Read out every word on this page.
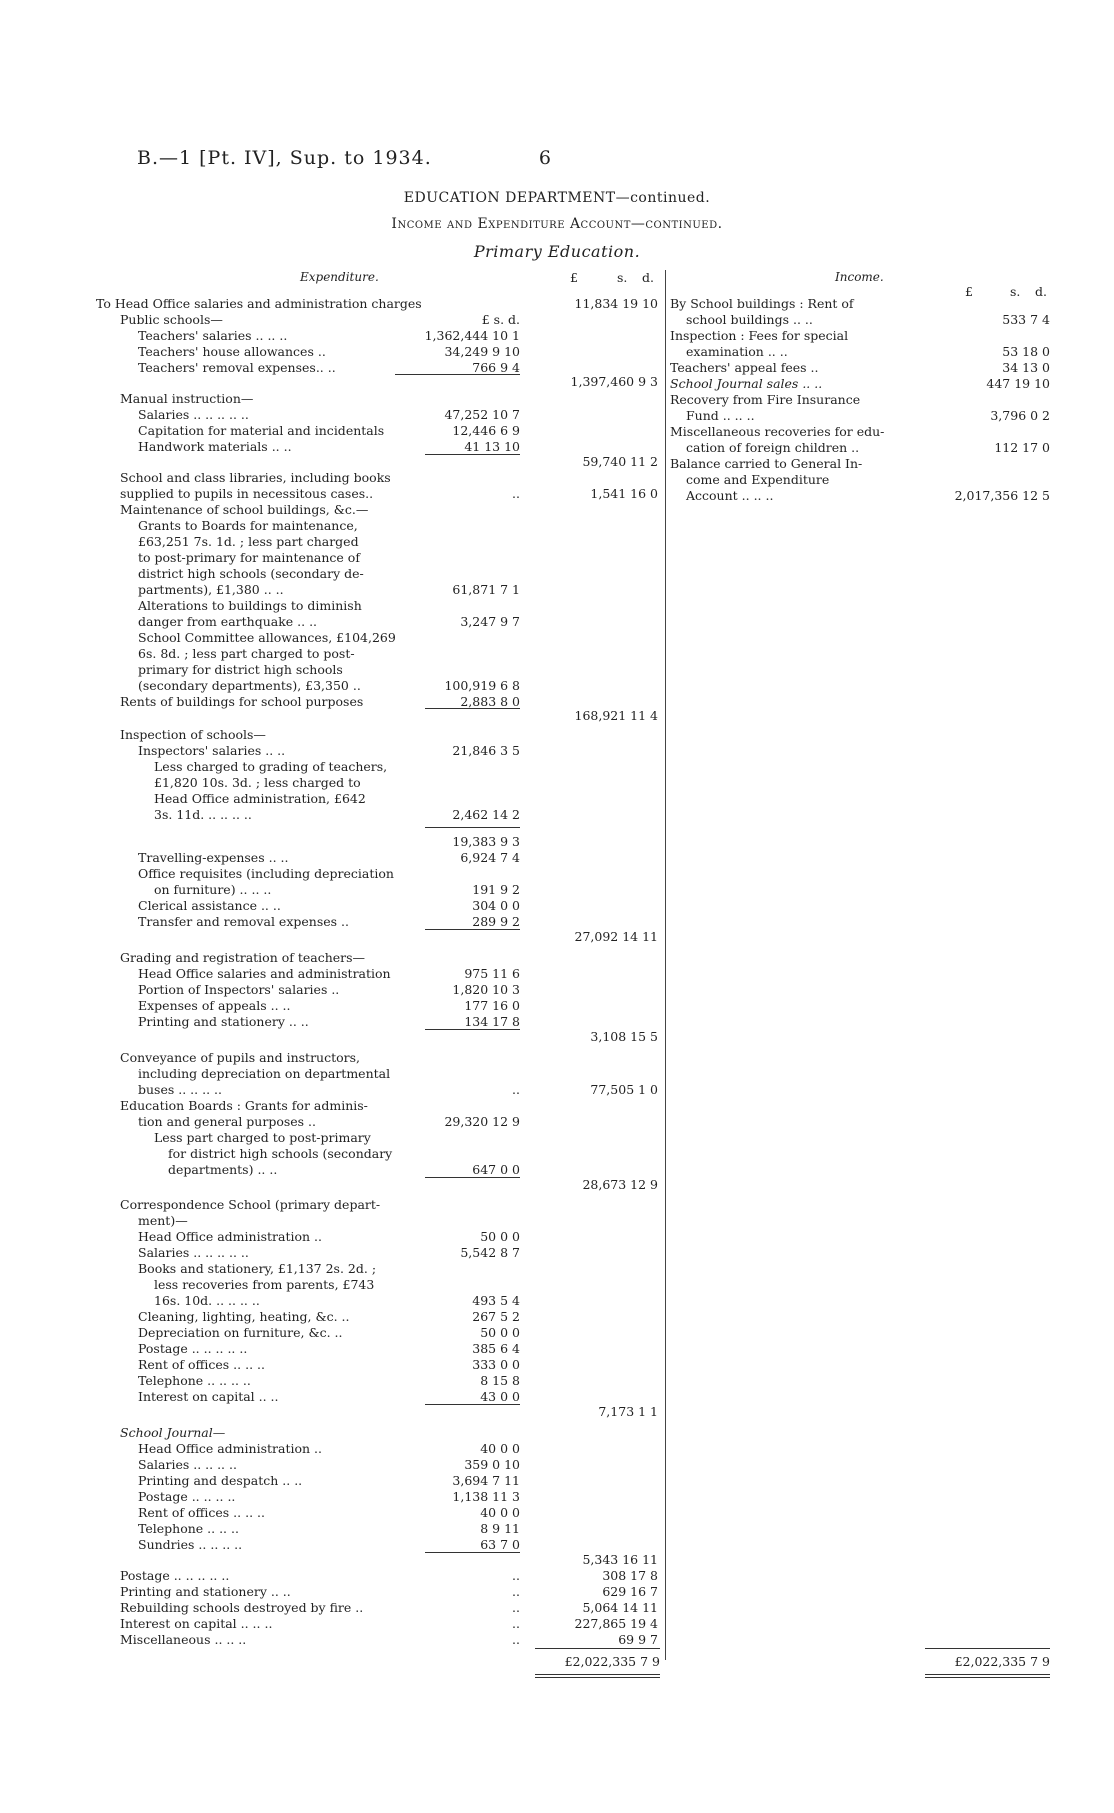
B.—1 [Pt. IV], Sup. to 1934.	6
EDUCATION DEPARTMENT—continued.
Income and Expenditure Account—continued.
Primary Education.
Expenditure.	£	s. d.	Income.
£	s. d.
To Head Office salaries and administration charges	11,834 19 10
Public schools—	£ s. d.
Teachers' salaries .. .. ..	1,362,444 10 1
Teachers' house allowances ..	34,249 9 10
Teachers' removal expenses.. ..	766 9 4
1,397,460 9 3
Manual instruction—
Salaries .. .. .. .. ..	47,252 10 7
Capitation for material and incidentals	12,446 6 9
Handwork materials .. ..	41 13 10
59,740 11 2
School and class libraries, including books
supplied to pupils in necessitous cases..	..	1,541 16 0
Maintenance of school buildings, &c.—
Grants to Boards for maintenance,
£63,251 7s. 1d. ; less part charged
to post-primary for maintenance of
district high schools (secondary de-
partments), £1,380 .. ..	61,871 7 1
Alterations to buildings to diminish
danger from earthquake .. ..	3,247 9 7
School Committee allowances, £104,269
6s. 8d. ; less part charged to post-
primary for district high schools
(secondary departments), £3,350 ..	100,919 6 8
Rents of buildings for school purposes	2,883 8 0
168,921 11 4
Inspection of schools—
Inspectors' salaries .. ..	21,846 3 5
Less charged to grading of teachers,
£1,820 10s. 3d. ; less charged to
Head Office administration, £642
3s. 11d. .. .. .. ..	2,462 14 2
19,383 9 3
Travelling-expenses .. ..	6,924 7 4
Office requisites (including depreciation
on furniture) .. .. ..	191 9 2
Clerical assistance .. ..	304 0 0
Transfer and removal expenses ..	289 9 2
27,092 14 11
Grading and registration of teachers—
Head Office salaries and administration	975 11 6
Portion of Inspectors' salaries ..	1,820 10 3
Expenses of appeals .. ..	177 16 0
Printing and stationery .. ..	134 17 8
3,108 15 5
Conveyance of pupils and instructors,
including depreciation on departmental
buses .. .. .. ..	..	77,505 1 0
Education Boards : Grants for adminis-
tion and general purposes ..	29,320 12 9
Less part charged to post-primary
for district high schools (secondary
departments) .. ..	647 0 0
28,673 12 9
Correspondence School (primary depart-
ment)—
Head Office administration ..	50 0 0
Salaries .. .. .. .. ..	5,542 8 7
Books and stationery, £1,137 2s. 2d. ;
less recoveries from parents, £743
16s. 10d. .. .. .. ..	493 5 4
Cleaning, lighting, heating, &c. ..	267 5 2
Depreciation on furniture, &c. ..	50 0 0
Postage .. .. .. .. ..	385 6 4
Rent of offices .. .. ..	333 0 0
Telephone .. .. .. ..	8 15 8
Interest on capital .. ..	43 0 0
7,173 1 1
School Journal—
Head Office administration ..	40 0 0
Salaries .. .. .. ..	359 0 10
Printing and despatch .. ..	3,694 7 11
Postage .. .. .. ..	1,138 11 3
Rent of offices .. .. ..	40 0 0
Telephone .. .. ..	8 9 11
Sundries .. .. .. ..	63 7 0
5,343 16 11
Postage .. .. .. .. ..	..	308 17 8
Printing and stationery .. ..	..	629 16 7
Rebuilding schools destroyed by fire ..	..	5,064 14 11
Interest on capital .. .. ..	..	227,865 19 4
Miscellaneous .. .. ..	..	69 9 7
By School buildings : Rent of
school buildings .. ..	533 7 4
Inspection : Fees for special
examination .. ..	53 18 0
Teachers' appeal fees ..	34 13 0
School Journal sales .. ..	447 19 10
Recovery from Fire Insurance
Fund .. .. ..	3,796 0 2
Miscellaneous recoveries for edu-
cation of foreign children ..	112 17 0
Balance carried to General In-
come and Expenditure
Account .. .. ..	2,017,356 12 5
£2,022,335 7 9	£2,022,335 7 9
